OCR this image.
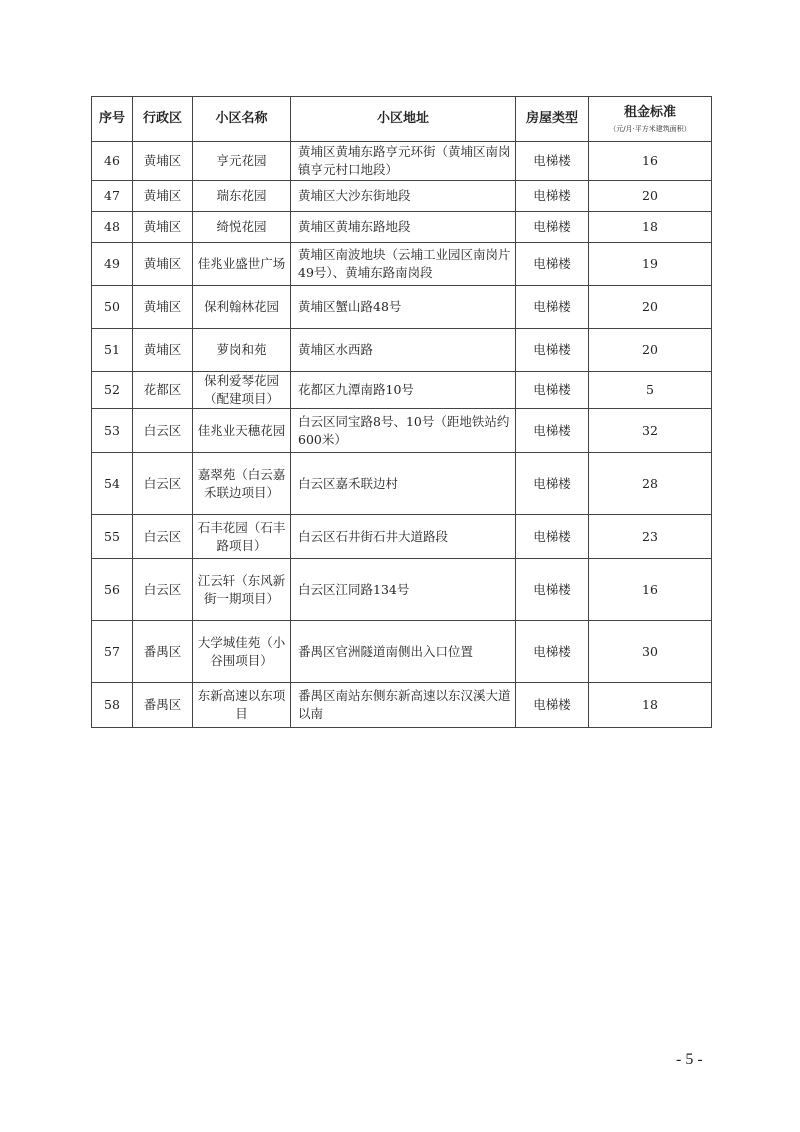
序号	行政区	小区名称	小区地址	房屋类型	租金标准
（元/月·平方米建筑面积）

46	黄埔区	亨元花园	黄埔区黄埔东路亨元环街（黄埔区南岗镇亨元村口地段）	电梯楼	16
47	黄埔区	瑞东花园	黄埔区大沙东街地段	电梯楼	20
48	黄埔区	绮悦花园	黄埔区黄埔东路地段	电梯楼	18
49	黄埔区	佳兆业盛世广场	黄埔区南波地块（云埔工业园区南岗片49号）、黄埔东路南岗段	电梯楼	19
50	黄埔区	保利翰林花园	黄埔区蟹山路48号	电梯楼	20
51	黄埔区	萝岗和苑	黄埔区水西路	电梯楼	20
52	花都区	保利爱琴花园（配建项目）	花都区九潭南路10号	电梯楼	5
53	白云区	佳兆业天穗花园	白云区同宝路8号、10号（距地铁站约600米）	电梯楼	32
54	白云区	嘉翠苑（白云嘉禾联边项目）	白云区嘉禾联边村	电梯楼	28
55	白云区	石丰花园（石丰路项目）	白云区石井街石井大道路段	电梯楼	23
56	白云区	江云轩（东风新街一期项目）	白云区江同路134号	电梯楼	16
57	番禺区	大学城佳苑（小谷围项目）	番禺区官洲隧道南侧出入口位置	电梯楼	30
58	番禺区	东新高速以东项目	番禺区南站东侧东新高速以东汉溪大道以南	电梯楼	18
- 5 -
